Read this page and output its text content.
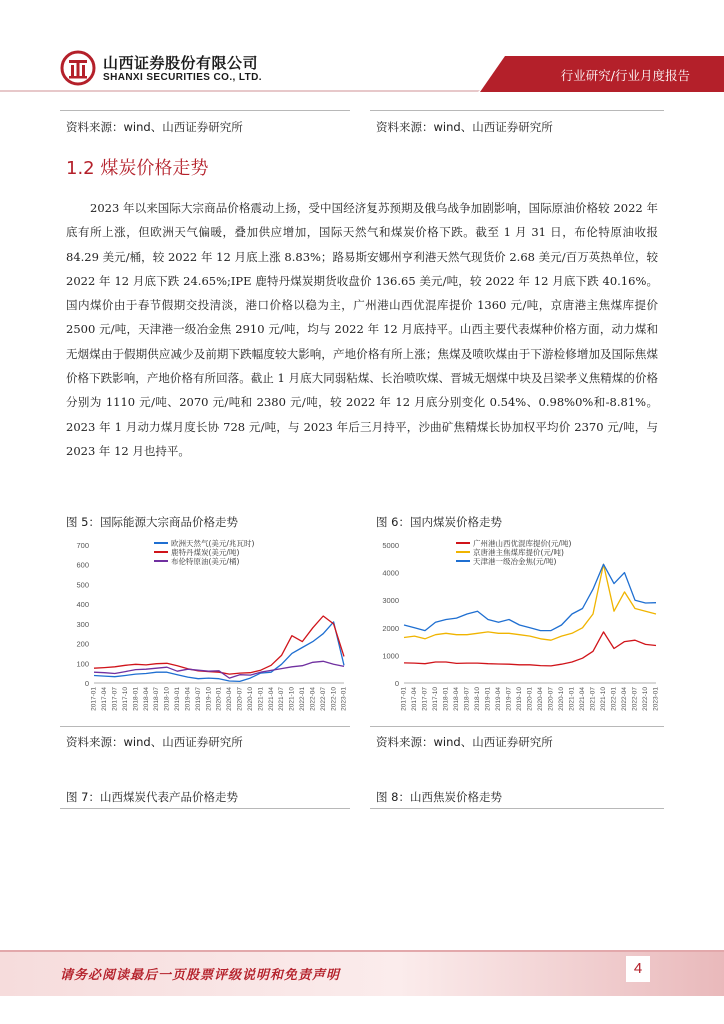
山西证券股份有限公司
SHANXI SECURITIES CO., LTD.	行业研究/行业月度报告
资料来源：wind、山西证券研究所	资料来源：wind、山西证券研究所
1.2 煤炭价格走势
2023 年以来国际大宗商品价格震动上扬，受中国经济复苏预期及俄乌战争加剧影响，国际原油价格较 2022 年底有所上涨，但欧洲天气偏暖，叠加供应增加，国际天然气和煤炭价格下跌。截至 1 月 31 日，布伦特原油收报 84.29 美元/桶，较 2022 年 12 月底上涨 8.83%；路易斯安娜州亨利港天然气现货价 2.68 美元/百万英热单位，较 2022 年 12 月底下跌 24.65%;IPE 鹿特丹煤炭期货收盘价 136.65 美元/吨，较 2022 年 12 月底下跌 40.16%。国内煤价由于春节假期交投清淡，港口价格以稳为主，广州港山西优混库提价 1360 元/吨，京唐港主焦煤库提价 2500 元/吨，天津港一级冶金焦 2910 元/吨，均与 2022 年 12 月底持平。山西主要代表煤种价格方面，动力煤和无烟煤由于假期供应减少及前期下跌幅度较大影响，产地价格有所上涨；焦煤及喷吹煤由于下游检修增加及国际焦煤价格下跌影响，产地价格有所回落。截止 1 月底大同弱粘煤、长治喷吹煤、晋城无烟煤中块及吕梁孝义焦精煤的价格分别为 1110 元/吨、2070 元/吨和 2380 元/吨，较 2022 年 12 月底分别变化 0.54%、0.98%0%和-8.81%。2023 年 1 月动力煤月度长协 728 元/吨，与 2023 年后三月持平，沙曲矿焦精煤长协加权平均价 2370 元/吨，与 2023 年 12 月也持平。
图 5：国际能源大宗商品价格走势	图 6：国内煤炭价格走势
0
100
200
300
400
500
600
700
2017-01 2017-04 2017-07 2017-10 2018-01 2018-04 2018-07 2018-10 2019-01 2019-04 2019-07 2019-10 2020-01 2020-04 2020-07 2020-10 2021-01 2021-04 2021-07 2021-10 2022-01 2022-04 2022-07 2022-10 2023-01
欧洲天然气(美元/兆瓦时)
鹿特丹煤炭(美元/吨)
布伦特原油(美元/桶)
0
1000
2000
3000
4000
5000
2017-01 2017-04 2017-07 2017-10 2018-01 2018-04 2018-07 2018-10 2019-01 2019-04 2019-07 2019-10 2020-01 2020-04 2020-07 2020-10 2021-01 2021-04 2021-07 2021-10 2022-01 2022-04 2022-07 2022-10 2023-01
广州港山西优混库提价(元/吨)
京唐港主焦煤库提价(元/吨)
天津港一级冶金焦(元/吨)
资料来源：wind、山西证券研究所	资料来源：wind、山西证券研究所
图 7：山西煤炭代表产品价格走势	图 8：山西焦炭价格走势
请务必阅读最后一页股票评级说明和免责声明	4
